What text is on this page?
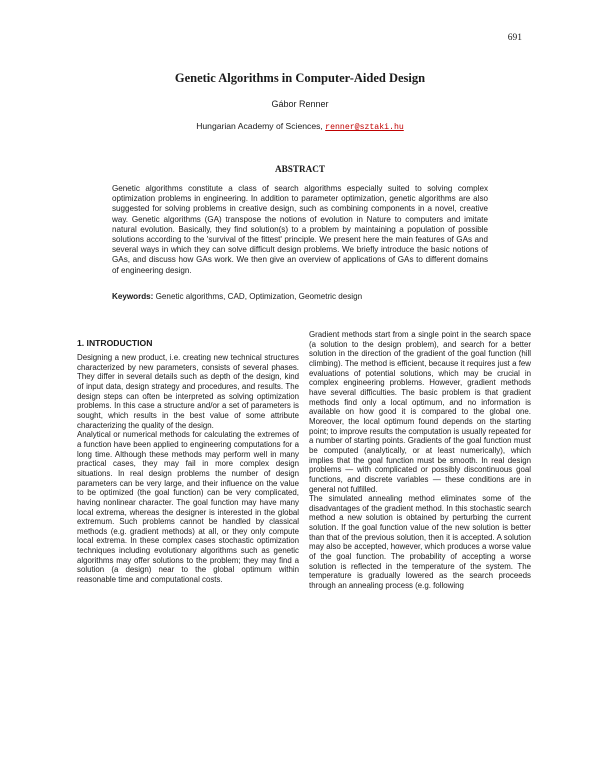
691
Genetic Algorithms in Computer-Aided Design
Gábor Renner
Hungarian Academy of Sciences, renner@sztaki.hu
ABSTRACT
Genetic algorithms constitute a class of search algorithms especially suited to solving complex optimization problems in engineering. In addition to parameter optimization, genetic algorithms are also suggested for solving problems in creative design, such as combining components in a novel, creative way. Genetic algorithms (GA) transpose the notions of evolution in Nature to computers and imitate natural evolution. Basically, they find solution(s) to a problem by maintaining a population of possible solutions according to the 'survival of the fittest' principle. We present here the main features of GAs and several ways in which they can solve difficult design problems. We briefly introduce the basic notions of GAs, and discuss how GAs work. We then give an overview of applications of GAs to different domains of engineering design.
Keywords: Genetic algorithms, CAD, Optimization, Geometric design
1. INTRODUCTION

Designing a new product, i.e. creating new technical structures characterized by new parameters, consists of several phases. They differ in several details such as depth of the design, kind of input data, design strategy and procedures, and results. The design steps can often be interpreted as solving optimization problems. In this case a structure and/or a set of parameters is sought, which results in the best value of some attribute characterizing the quality of the design.

Analytical or numerical methods for calculating the extremes of a function have been applied to engineering computations for a long time. Although these methods may perform well in many practical cases, they may fail in more complex design situations. In real design problems the number of design parameters can be very large, and their influence on the value to be optimized (the goal function) can be very complicated, having nonlinear character. The goal function may have many local extrema, whereas the designer is interested in the global extremum. Such problems cannot be handled by classical methods (e.g. gradient methods) at all, or they only compute local extrema. In these complex cases stochastic optimization techniques including evolutionary algorithms such as genetic algorithms may offer solutions to the problem; they may find a solution (a design) near to the global optimum within reasonable time and computational costs.

Gradient methods start from a single point in the search space (a solution to the design problem), and search for a better solution in the direction of the gradient of the goal function (hill climbing). The method is efficient, because it requires just a few evaluations of potential solutions, which may be crucial in complex engineering problems. However, gradient methods have several difficulties. The basic problem is that gradient methods find only a local optimum, and no information is available on how good it is compared to the global one. Moreover, the local optimum found depends on the starting point; to improve results the computation is usually repeated for a number of starting points. Gradients of the goal function must be computed (analytically, or at least numerically), which implies that the goal function must be smooth. In real design problems — with complicated or possibly discontinuous goal functions, and discrete variables — these conditions are in general not fulfilled.

The simulated annealing method eliminates some of the disadvantages of the gradient method. In this stochastic search method a new solution is obtained by perturbing the current solution. If the goal function value of the new solution is better than that of the previous solution, then it is accepted. A solution may also be accepted, however, which produces a worse value of the goal function. The probability of accepting a worse solution is reflected in the temperature of the system. The temperature is gradually lowered as the search proceeds through an annealing process (e.g. following
